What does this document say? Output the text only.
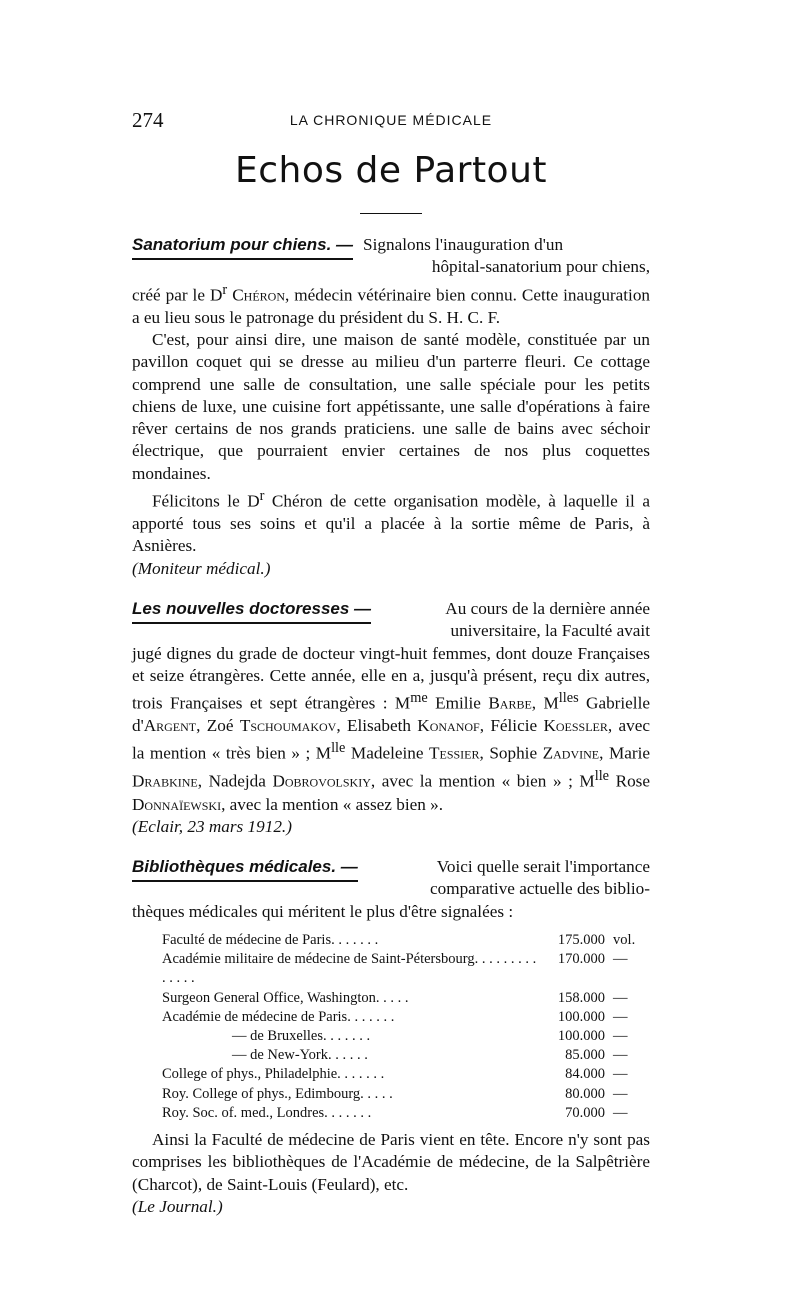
274	LA CHRONIQUE MÉDICALE
Echos de Partout
Sanatorium pour chiens. — Signalons l'inauguration d'un
hôpital-sanatorium pour chiens,

créé par le $D^r$ Chéron, médecin vétérinaire bien connu. Cette inauguration a eu lieu sous le patronage du président du S. H. C. F.

C'est, pour ainsi dire, une maison de santé modèle, constituée par un pavillon coquet qui se dresse au milieu d'un parterre fleuri. Ce cottage comprend une salle de consultation, une salle spéciale pour les petits chiens de luxe, une cuisine fort appétissante, une salle d'opérations à faire rêver certains de nos grands praticiens. une salle de bains avec séchoir électrique, que pourraient envier certaines de nos plus coquettes mondaines.

Félicitons le $D^r$ Chéron de cette organisation modèle, à laquelle il a apporté tous ses soins et qu'il a placée à la sortie même de Paris, à Asnières.

(Moniteur médical.)

Les nouvelles doctoresses —	Au cours de la dernière année
universitaire, la Faculté avait

jugé dignes du grade de docteur vingt-huit femmes, dont douze Françaises et seize étrangères. Cette année, elle en a, jusqu'à présent, reçu dix autres, trois Françaises et sept étrangères : $M^{me}$ Emilie Barbe, $M^{lles}$ Gabrielle d'Argent, Zoé Tschoumakov, Elisabeth Konanof, Félicie Koessler, avec la mention « très bien » ; $M^{lle}$ Madeleine Tessier, Sophie Zadvine, Marie Drabkine, Nadejda Dobrovolskiy, avec la mention « bien » ; $M^{lle}$ Rose Donnaïewski, avec la mention « assez bien ».

(Eclair, 23 mars 1912.)

Bibliothèques médicales. —	Voici quelle serait l'importance
comparative actuelle des biblio-

thèques médicales qui méritent le plus d'être signalées :

Faculté de médecine de Paris. . . . . . .	175.000	vol.
Académie militaire de médecine de Saint-Pétersbourg. . . . . . . . . . . . . .	170.000	—
Surgeon General Office, Washington. . . . .	158.000	—
Académie de médecine de Paris. . . . . . .	100.000	—
— de Bruxelles. . . . . . .	100.000	—
— de New-York. . . . . .	85.000	—
College of phys., Philadelphie. . . . . . .	84.000	—
Roy. College of phys., Edimbourg. . . . .	80.000	—
Roy. Soc. of. med., Londres. . . . . . .	70.000	—

Ainsi la Faculté de médecine de Paris vient en tête. Encore n'y sont pas comprises les bibliothèques de l'Académie de médecine, de la Salpêtrière (Charcot), de Saint-Louis (Feulard), etc.

(Le Journal.)
